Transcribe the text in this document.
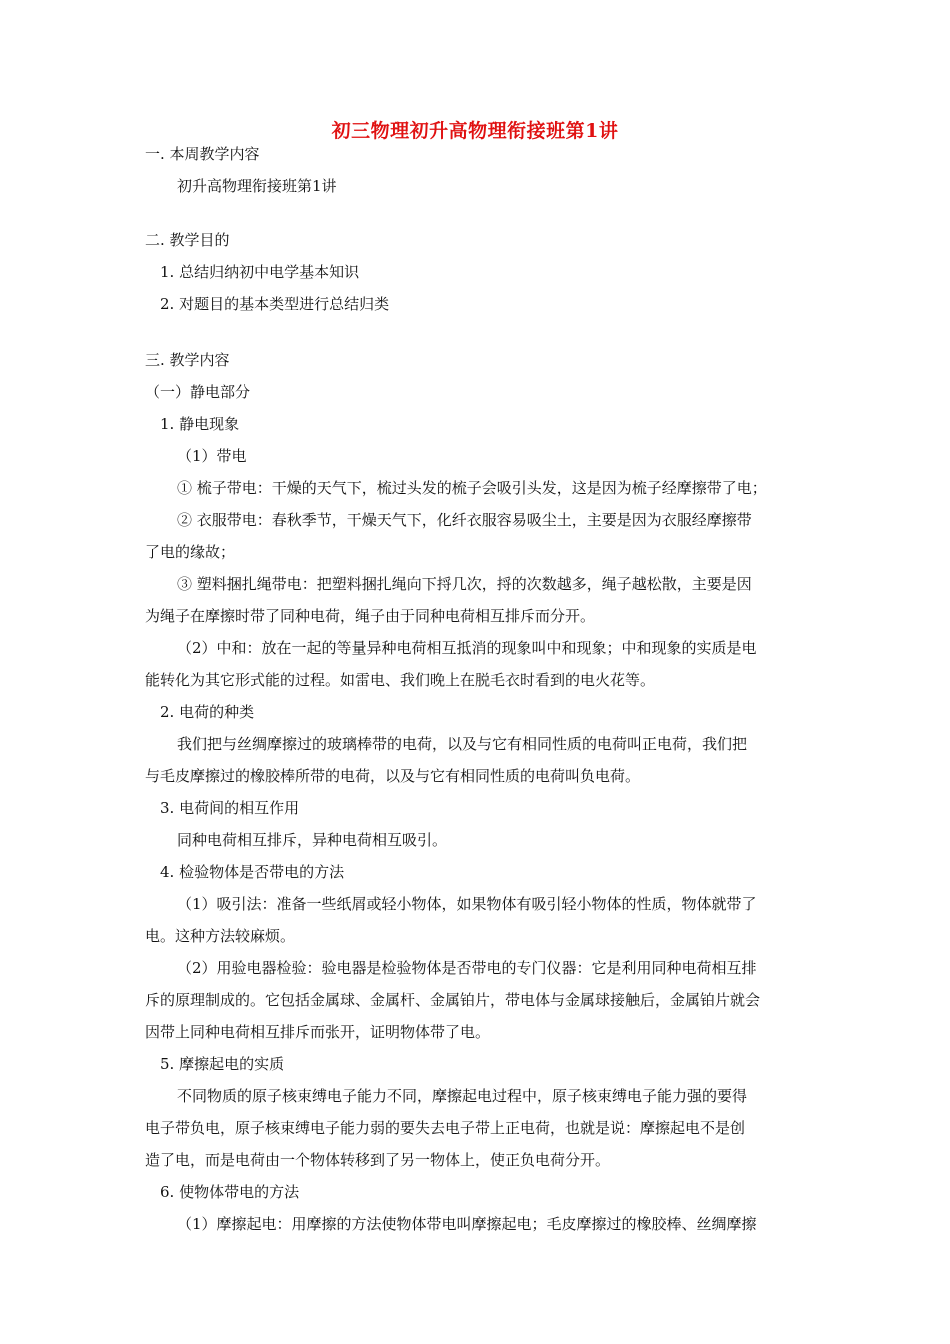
初三物理初升高物理衔接班第1讲
一. 本周教学内容
初升高物理衔接班第1讲
二. 教学目的
1. 总结归纳初中电学基本知识
2. 对题目的基本类型进行总结归类
三. 教学内容
（一）静电部分
1. 静电现象
（1）带电
① 梳子带电：干燥的天气下，梳过头发的梳子会吸引头发，这是因为梳子经摩擦带了电；
② 衣服带电：春秋季节，干燥天气下，化纤衣服容易吸尘土，主要是因为衣服经摩擦带
了电的缘故；
③ 塑料捆扎绳带电：把塑料捆扎绳向下捋几次，捋的次数越多，绳子越松散，主要是因
为绳子在摩擦时带了同种电荷，绳子由于同种电荷相互排斥而分开。
（2）中和：放在一起的等量异种电荷相互抵消的现象叫中和现象；中和现象的实质是电
能转化为其它形式能的过程。如雷电、我们晚上在脱毛衣时看到的电火花等。
2. 电荷的种类
我们把与丝绸摩擦过的玻璃棒带的电荷，以及与它有相同性质的电荷叫正电荷，我们把
与毛皮摩擦过的橡胶棒所带的电荷，以及与它有相同性质的电荷叫负电荷。
3. 电荷间的相互作用
同种电荷相互排斥，异种电荷相互吸引。
4. 检验物体是否带电的方法
（1）吸引法：准备一些纸屑或轻小物体，如果物体有吸引轻小物体的性质，物体就带了
电。这种方法较麻烦。
（2）用验电器检验：验电器是检验物体是否带电的专门仪器：它是利用同种电荷相互排
斥的原理制成的。它包括金属球、金属杆、金属铂片，带电体与金属球接触后，金属铂片就会
因带上同种电荷相互排斥而张开，证明物体带了电。
5. 摩擦起电的实质
不同物质的原子核束缚电子能力不同，摩擦起电过程中，原子核束缚电子能力强的要得
电子带负电，原子核束缚电子能力弱的要失去电子带上正电荷，也就是说：摩擦起电不是创
造了电，而是电荷由一个物体转移到了另一物体上，使正负电荷分开。
6. 使物体带电的方法
（1）摩擦起电：用摩擦的方法使物体带电叫摩擦起电；毛皮摩擦过的橡胶棒、丝绸摩擦
